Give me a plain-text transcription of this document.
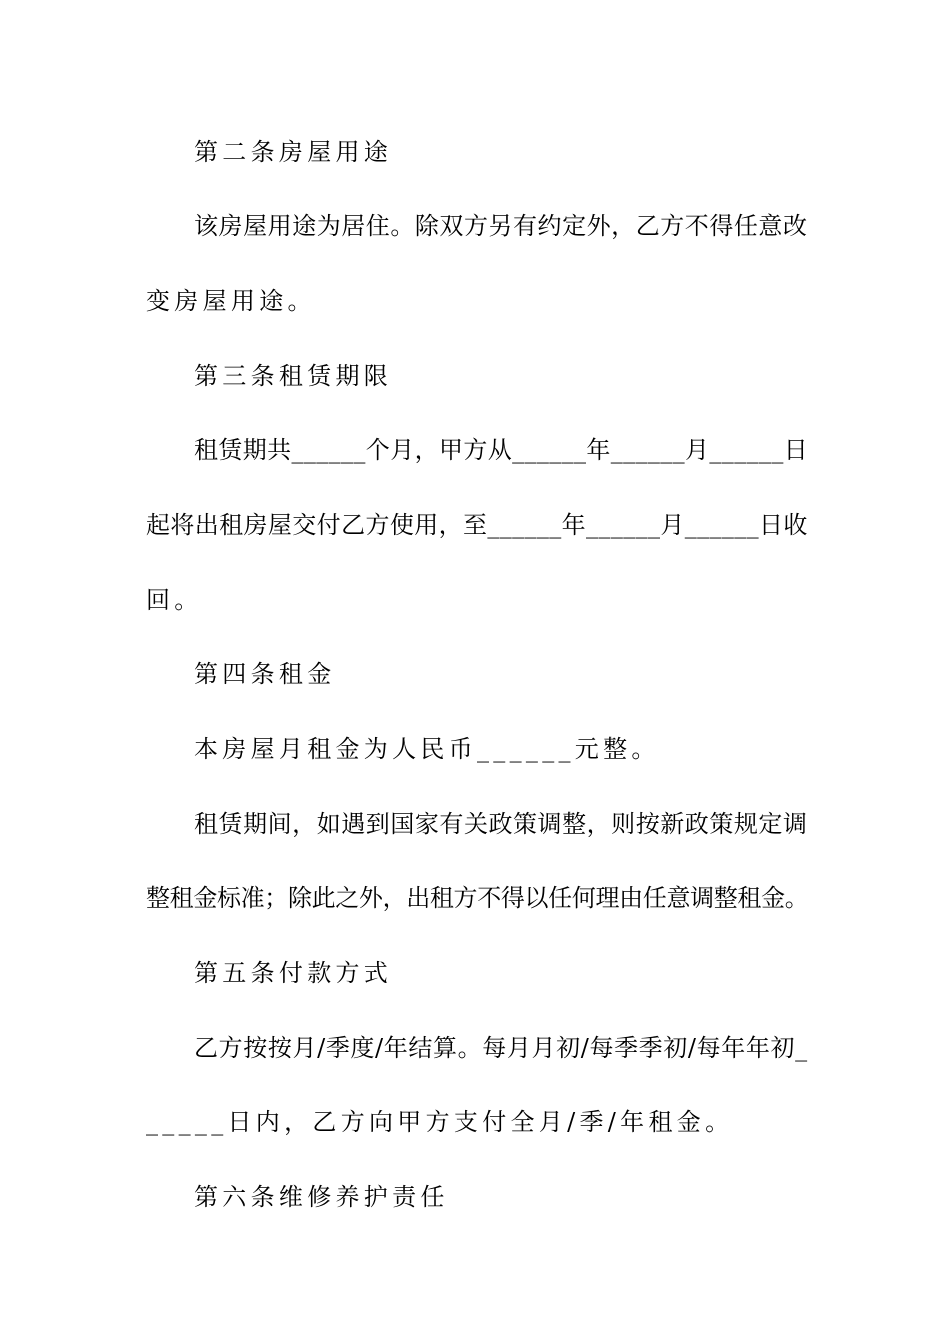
第二条房屋用途

该房屋用途为居住。除双方另有约定外，乙方不得任意改

变房屋用途。

第三条租赁期限

租赁期共______个月，甲方从______年______月______日

起将出租房屋交付乙方使用，至______年______月______日收

回。

第四条租金

本房屋月租金为人民币______元整。

租赁期间，如遇到国家有关政策调整，则按新政策规定调

整租金标准；除此之外，出租方不得以任何理由任意调整租金。

第五条付款方式

乙方按按月/季度/年结算。每月月初/每季季初/每年年初_

_____日内，乙方向甲方支付全月/季/年租金。

第六条维修养护责任
